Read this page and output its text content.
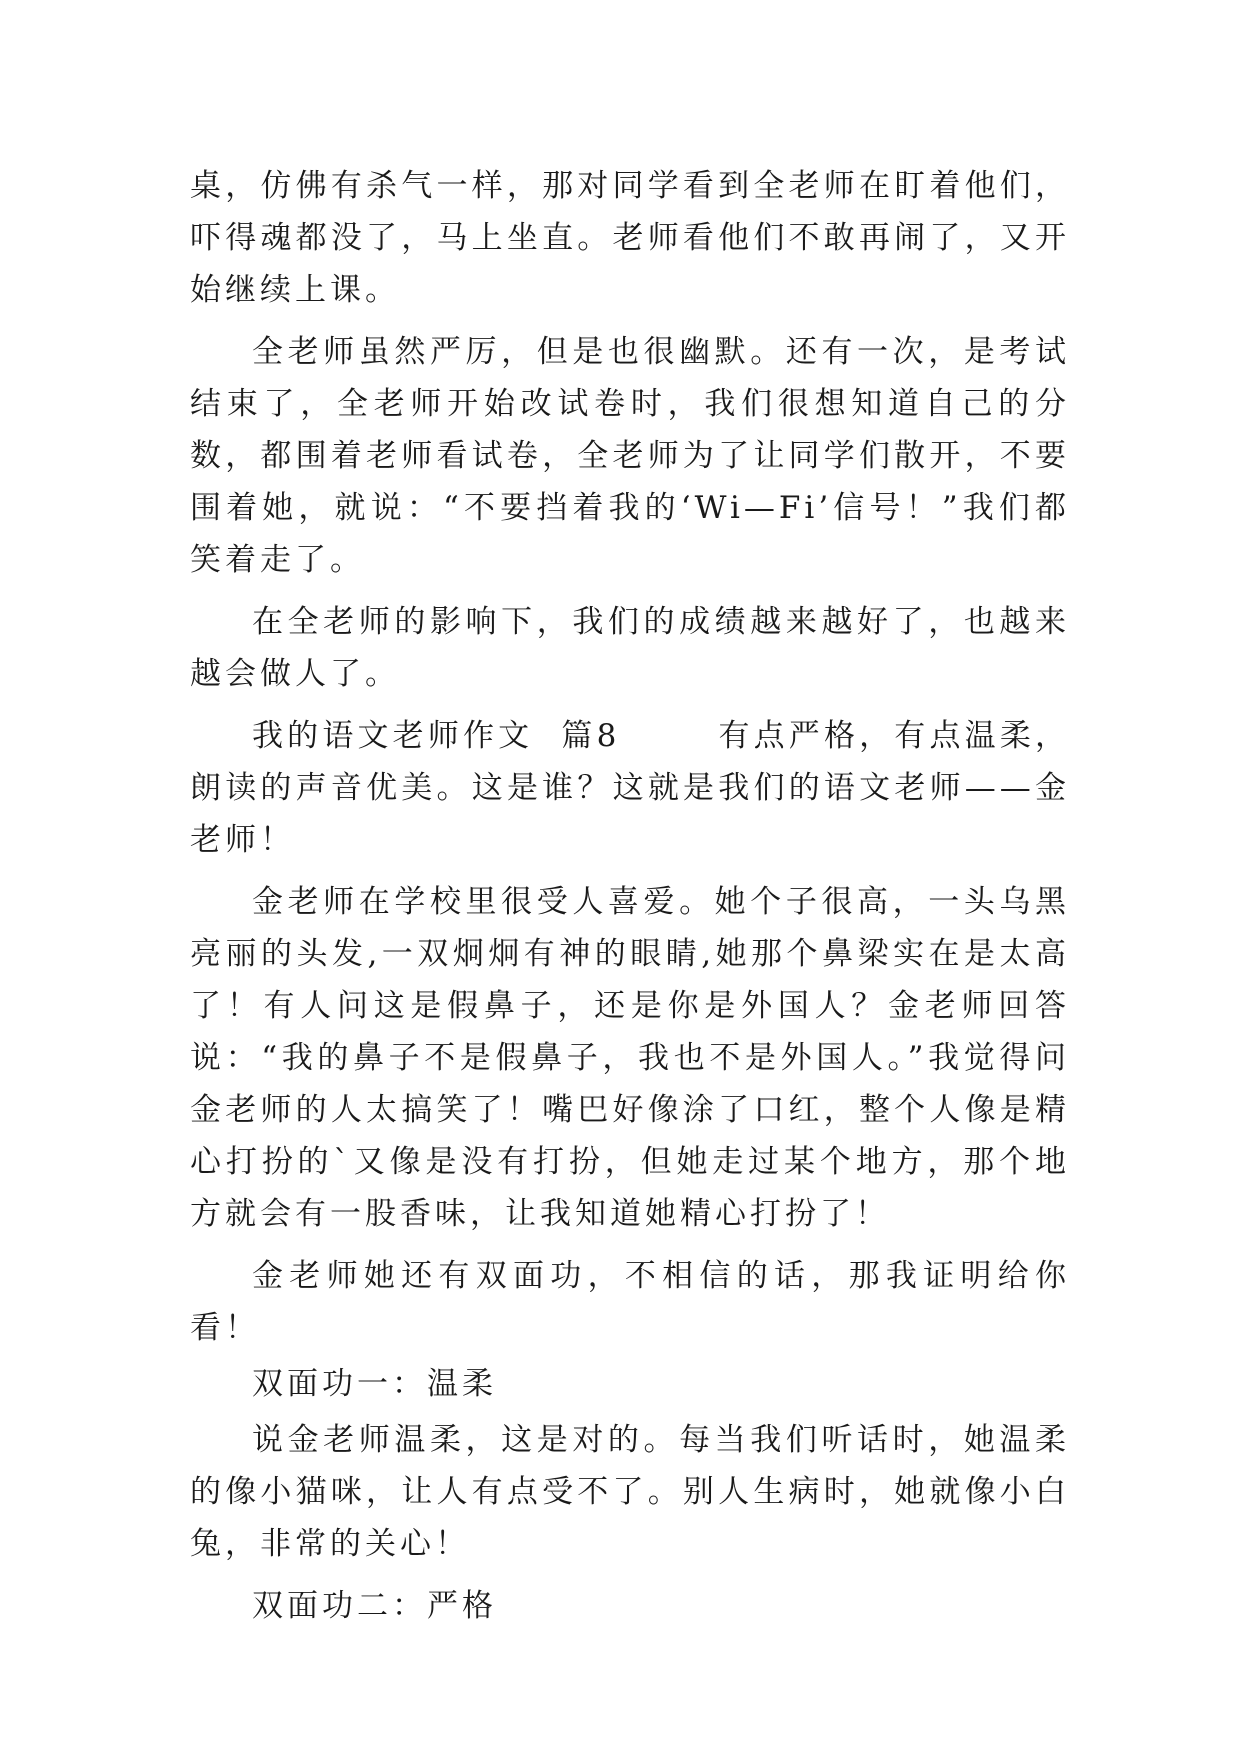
桌，仿佛有杀气一样，那对同学看到全老师在盯着他们，吓得魂都没了，马上坐直。老师看他们不敢再闹了，又开始继续上课。

全老师虽然严厉，但是也很幽默。还有一次，是考试结束了，全老师开始改试卷时，我们很想知道自己的分数，都围着老师看试卷，全老师为了让同学们散开，不要围着她，就说：“不要挡着我的‘Wi—Fi’信号！”我们都笑着走了。

在全老师的影响下，我们的成绩越来越好了，也越来越会做人了。

我的语文老师作文  篇8       有点严格，有点温柔，朗读的声音优美。这是谁？这就是我们的语文老师——金老师！

金老师在学校里很受人喜爱。她个子很高，一头乌黑亮丽的头发,一双炯炯有神的眼睛,她那个鼻梁实在是太高了！有人问这是假鼻子，还是你是外国人？金老师回答说：“我的鼻子不是假鼻子，我也不是外国人。”我觉得问金老师的人太搞笑了！嘴巴好像涂了口红，整个人像是精心打扮的`又像是没有打扮，但她走过某个地方，那个地方就会有一股香味，让我知道她精心打扮了！

金老师她还有双面功，不相信的话，那我证明给你看！

双面功一：温柔

说金老师温柔，这是对的。每当我们听话时，她温柔的像小猫咪，让人有点受不了。别人生病时，她就像小白兔，非常的关心！

双面功二：严格
